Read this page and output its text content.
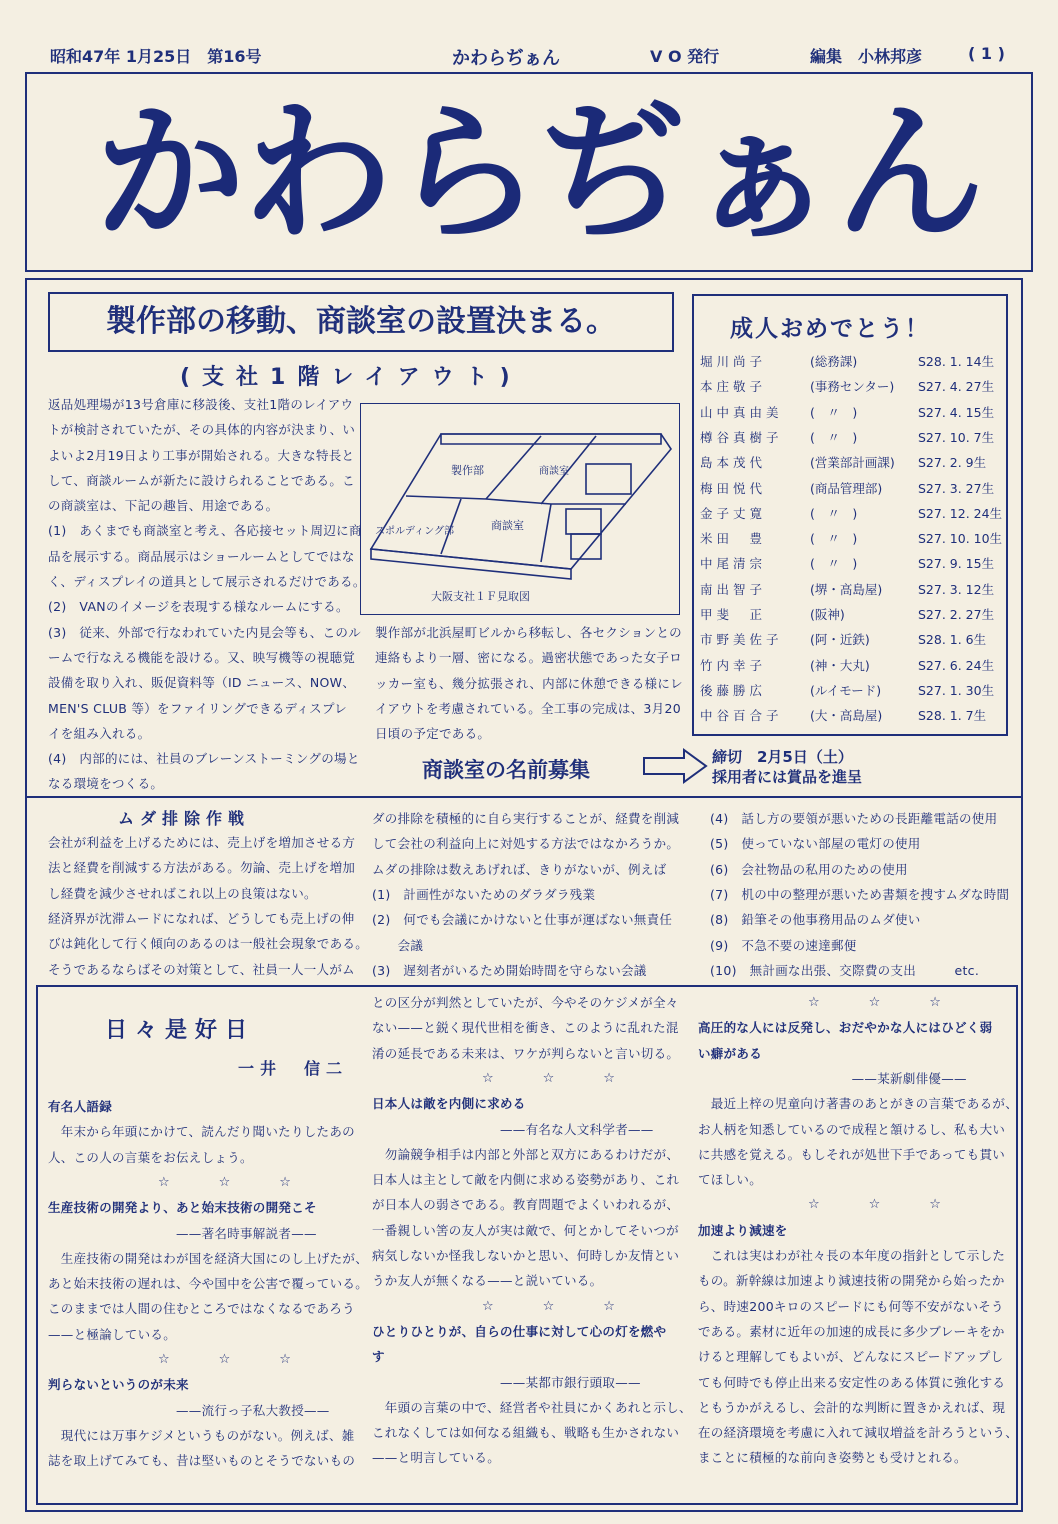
昭和47年 1月25日　第16号	かわらぢぁん	V O 発行	編集　小林邦彦	( 1 )
かわらぢぁん
製作部の移動、商談室の設置決まる。
(支社1階レイアウト)
返品処理場が13号倉庫に移設後、支社1階のレイアウ
トが検討されていたが、その具体的内容が決まり、い
よいよ2月19日より工事が開始される。大きな特長と
して、商談ルームが新たに設けられることである。こ
の商談室は、下記の趣旨、用途である。
(1)　あくまでも商談室と考え、各応接セット周辺に商
品を展示する。商品展示はショールームとしてではな
く、ディスプレイの道具として展示されるだけである。
(2)　VANのイメージを表現する様なルームにする。
(3)　従来、外部で行なわれていた内見会等も、このル
ームで行なえる機能を設ける。又、映写機等の視聴覚
設備を取り入れ、販促資料等（ID ニュース、NOW、
MEN'S CLUB 等）をファイリングできるディスプレ
イを組み入れる。
(4)　内部的には、社員のブレーンストーミングの場と
なる環境をつくる。
製作部	商談室
スポルディング部	商談室
大阪支社１Ｆ見取図
製作部が北浜屋町ビルから移転し、各セクションとの
連絡もより一層、密になる。過密状態であった女子ロ
ッカー室も、幾分拡張され、内部に休憩できる様にレ
イアウトを考慮されている。全工事の完成は、3月20
日頃の予定である。
成人おめでとう！
堀川尚子	(総務課)	S28. 1. 14生
本庄敬子	(事務センター) S27. 4. 27生
山中真由美 (　〃　)	S27. 4. 15生
樽谷真樹子 (　〃　)	S27. 10. 7生
島本茂代	(営業部計画課) S27. 2. 9生
梅田悦代	(商品管理部)	S27. 3. 27生
金子丈寛	(　〃　)	S27. 12. 24生
米田　豊	(　〃　)	S27. 10. 10生
中尾清宗	(　〃　)	S27. 9. 15生
南出智子	(堺・高島屋)	S27. 3. 12生
甲斐　正	(阪神)	S27. 2. 27生
市野美佐子 (阿・近鉄)	S28. 1. 6生
竹内幸子	(神・大丸)	S27. 6. 24生
後藤勝広	(ルイモード)	S27. 1. 30生
中谷百合子 (大・高島屋)	S28. 1. 7生
商談室の名前募集
締切　2月5日（土）
採用者には賞品を進呈
ムダ排除作戦
会社が利益を上げるためには、売上げを増加させる方
法と経費を削減する方法がある。勿論、売上げを増加
し経費を減少させればこれ以上の良策はない。
経済界が沈滞ムードになれば、どうしても売上げの伸
びは鈍化して行く傾向のあるのは一般社会現象である。
そうであるならばその対策として、社員一人一人がム
ダの排除を積極的に自ら実行することが、経費を削減
して会社の利益向上に対処する方法ではなかろうか。
ムダの排除は数えあげれば、きりがないが、例えば
(1)　計画性がないためのダラダラ残業
(2)　何でも会議にかけないと仕事が運ばない無責任
　　会議
(3)　遅刻者がいるため開始時間を守らない会議
(4)　話し方の要領が悪いための長距離電話の使用
(5)　使っていない部屋の電灯の使用
(6)　会社物品の私用のための使用
(7)　机の中の整理が悪いため書類を捜すムダな時間
(8)　鉛筆その他事務用品のムダ使い
(9)　不急不要の速達郵便
(10)　無計画な出張、交際費の支出　　　etc.
日々是好日
一井　信二
有名人語録
　年末から年頭にかけて、読んだり聞いたりしたあの
人、この人の言葉をお伝えしょう。
☆　☆　☆
生産技術の開発より、あと始末技術の開発こそ
　　　　　　　　　　——著名時事解説者——
　生産技術の開発はわが国を経済大国にのし上げたが、
あと始末技術の遅れは、今や国中を公害で覆っている。
このままでは人間の住むところではなくなるであろう
——と極論している。
☆　☆　☆
判らないというのが未来
　　　　　　　　　　——流行っ子私大教授——
　現代には万事ケジメというものがない。例えば、雑
誌を取上げてみても、昔は堅いものとそうでないもの
との区分が判然としていたが、今やそのケジメが全々
ない——と鋭く現代世相を衝き、このように乱れた混
淆の延長である未来は、ワケが判らないと言い切る。
☆　☆　☆
日本人は敵を内側に求める
　　　　　　　　　　——有名な人文科学者——
　勿論競争相手は内部と外部と双方にあるわけだが、
日本人は主として敵を内側に求める姿勢があり、これ
が日本人の弱さである。教育問題でよくいわれるが、
一番親しい筈の友人が実は敵で、何とかしてそいつが
病気しないか怪我しないかと思い、何時しか友情とい
うか友人が無くなる——と説いている。
☆　☆　☆
ひとりひとりが、自らの仕事に対して心の灯を燃や
す
　　　　　　　　　　——某都市銀行頭取——
　年頭の言葉の中で、経営者や社員にかくあれと示し、
これなくしては如何なる組織も、戦略も生かされない
——と明言している。
☆　☆　☆
高圧的な人には反発し、おだやかな人にはひどく弱
い癖がある
　　　　　　　　　　　　——某新劇俳優——
　最近上梓の児童向け著書のあとがきの言葉であるが、
お人柄を知悉しているので成程と頷けるし、私も大い
に共感を覚える。もしそれが処世下手であっても貫い
てほしい。
☆　☆　☆
加速より減速を
　これは実はわが社々長の本年度の指針として示した
もの。新幹線は加速より減速技術の開発から始ったか
ら、時速200キロのスピードにも何等不安がないそう
である。素材に近年の加速的成長に多少ブレーキをか
けると理解してもよいが、どんなにスピードアップし
ても何時でも停止出来る安定性のある体質に強化する
ともうかがえるし、会計的な判断に置きかえれば、現
在の経済環境を考慮に入れて減収増益を計ろうという、
まことに積極的な前向き姿勢とも受けとれる。
